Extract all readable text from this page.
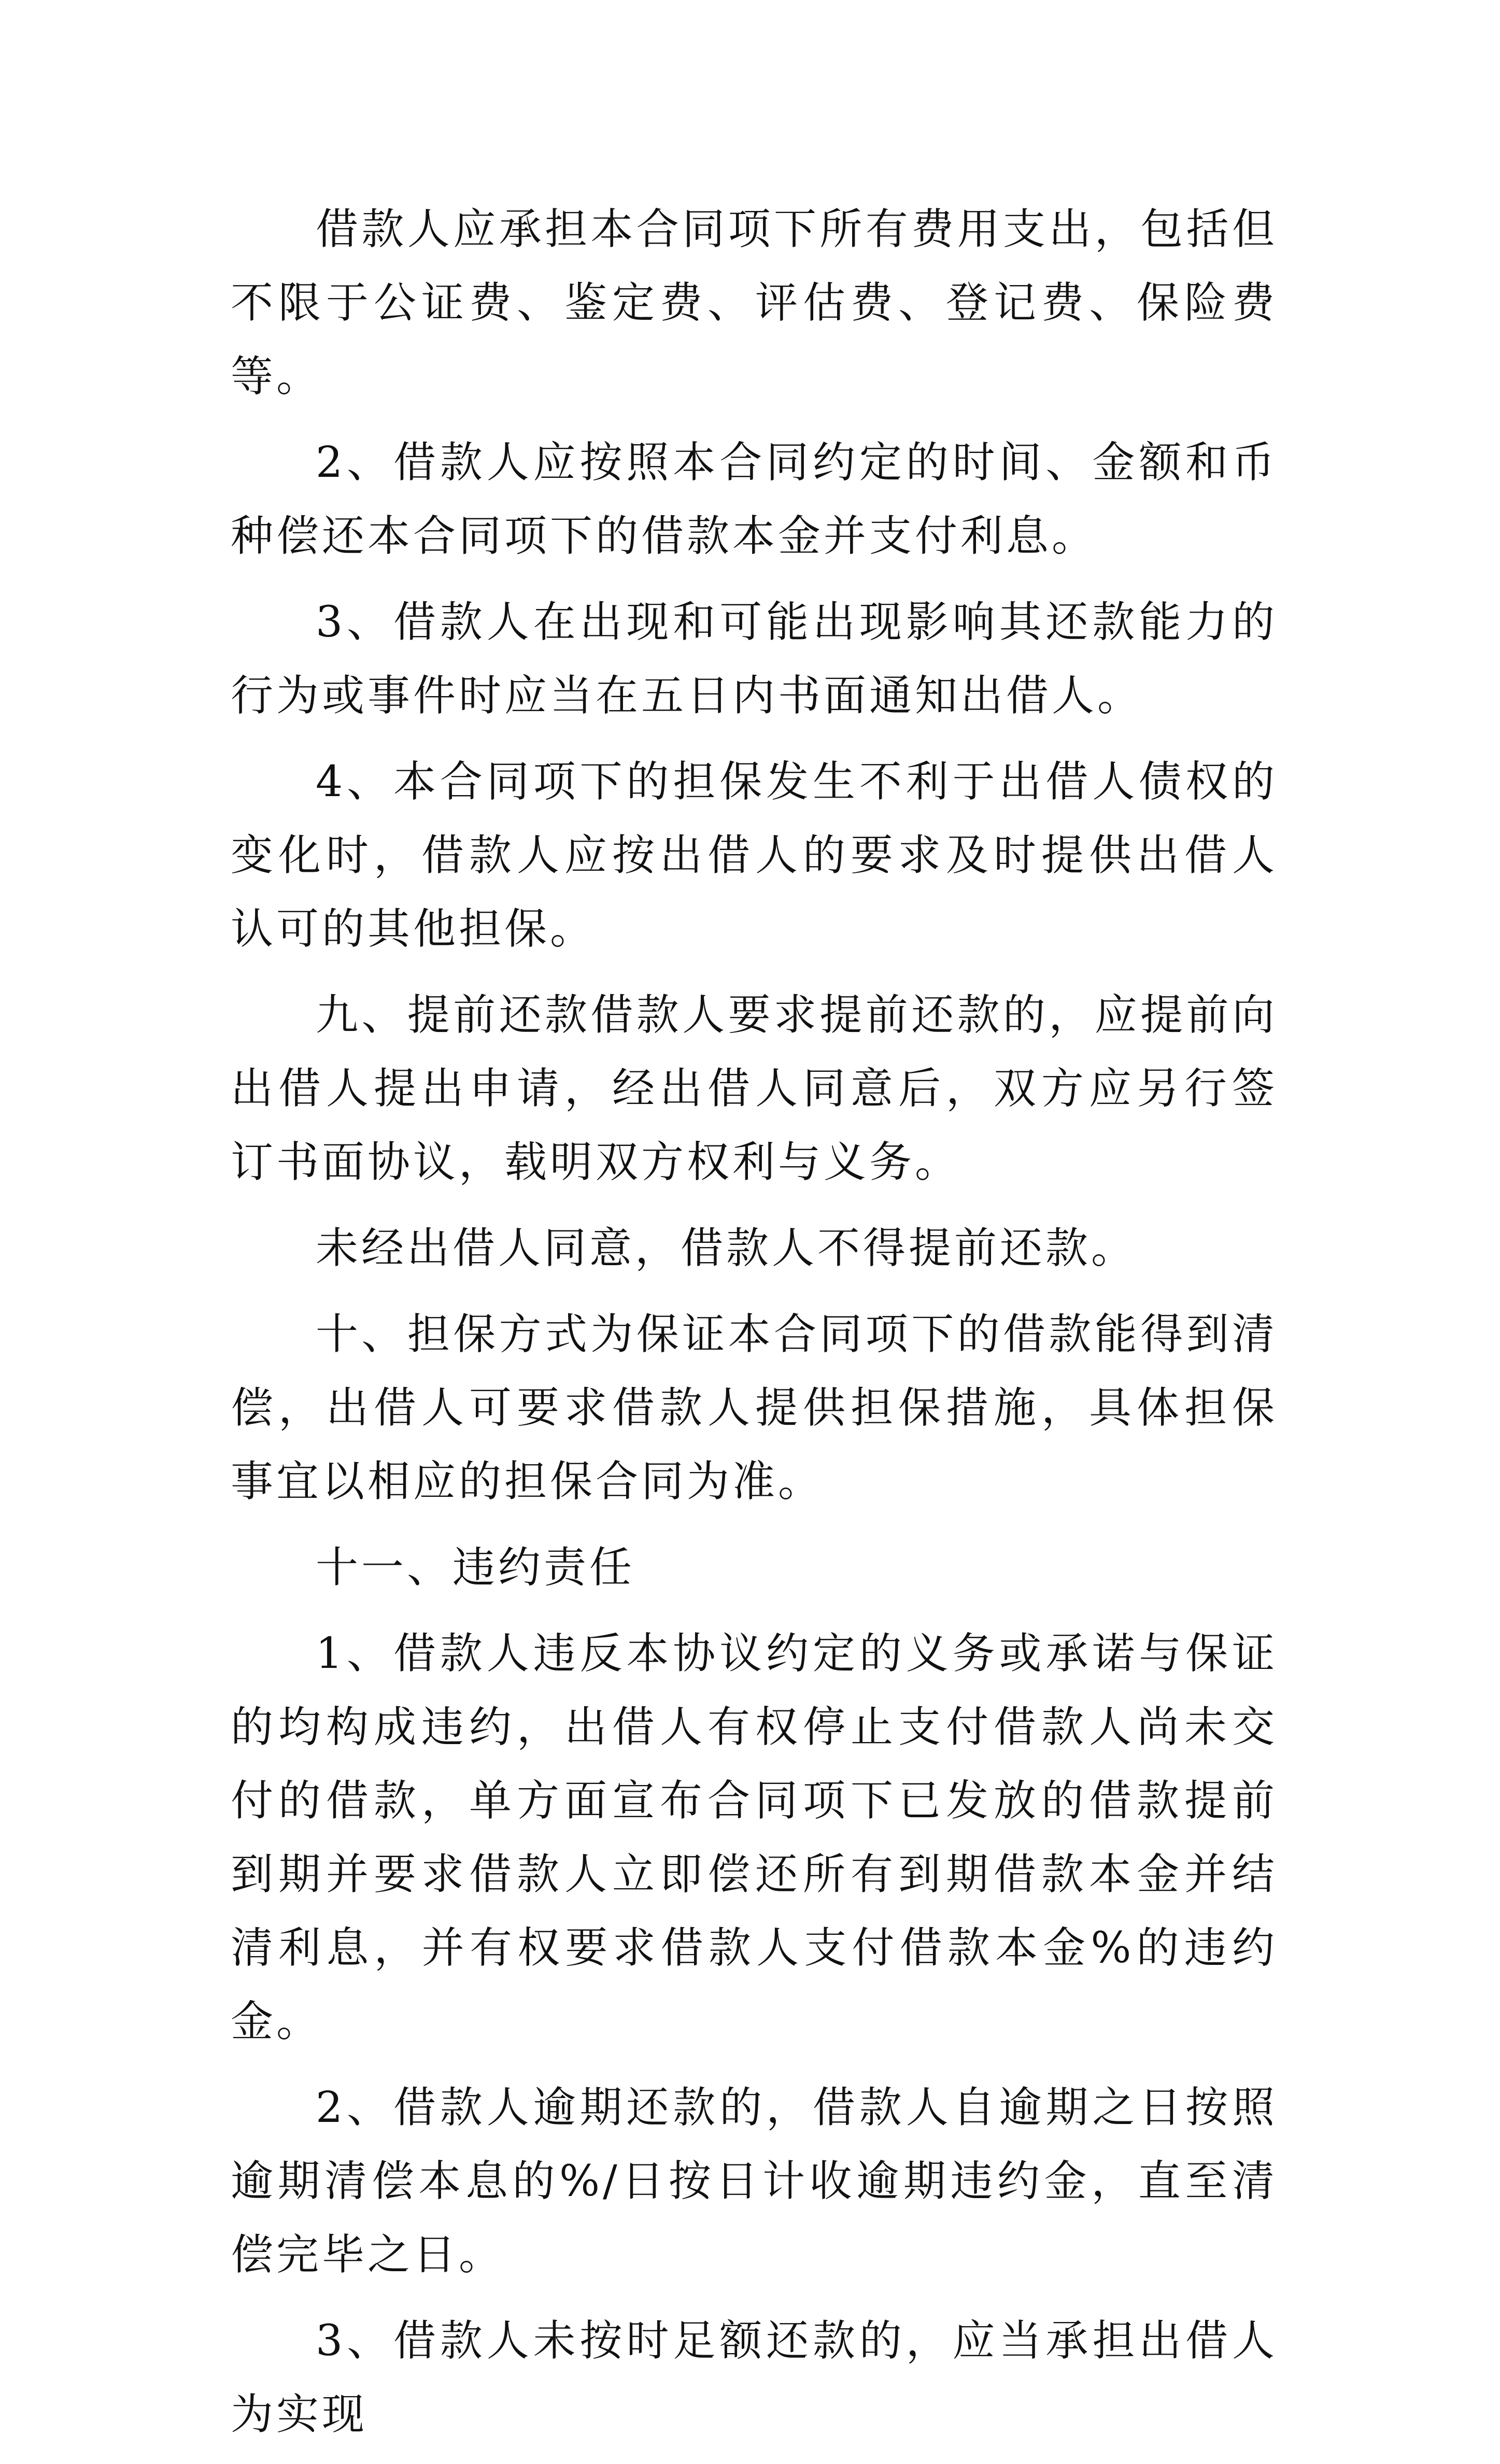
借款人应承担本合同项下所有费用支出，包括但不限于公证费、鉴定费、评估费、登记费、保险费等。

2、借款人应按照本合同约定的时间、金额和币种偿还本合同项下的借款本金并支付利息。

3、借款人在出现和可能出现影响其还款能力的行为或事件时应当在五日内书面通知出借人。

4、本合同项下的担保发生不利于出借人债权的变化时，借款人应按出借人的要求及时提供出借人认可的其他担保。

九、提前还款借款人要求提前还款的，应提前向出借人提出申请，经出借人同意后，双方应另行签订书面协议，载明双方权利与义务。

未经出借人同意，借款人不得提前还款。

十、担保方式为保证本合同项下的借款能得到清偿，出借人可要求借款人提供担保措施，具体担保事宜以相应的担保合同为准。

十一、违约责任

1、借款人违反本协议约定的义务或承诺与保证的均构成违约，出借人有权停止支付借款人尚未交付的借款，单方面宣布合同项下已发放的借款提前到期并要求借款人立即偿还所有到期借款本金并结清利息，并有权要求借款人支付借款本金%的违约金。

2、借款人逾期还款的，借款人自逾期之日按照逾期清偿本息的%/日按日计收逾期违约金，直至清偿完毕之日。

3、借款人未按时足额还款的，应当承担出借人为实现
